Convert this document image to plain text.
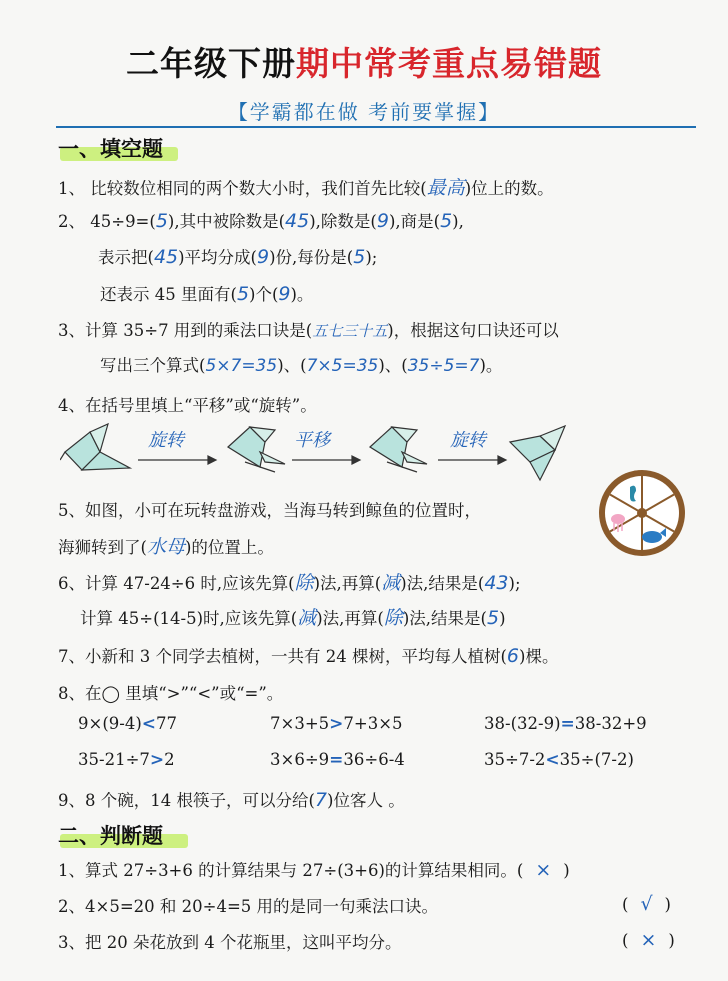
二年级下册期中常考重点易错题
【学霸都在做 考前要掌握】
一、填空题
1、 比较数位相同的两个数大小时，我们首先比较(最高)位上的数。
2、 45÷9=(5),其中被除数是(45),除数是(9),商是(5),
表示把(45)平均分成(9)份,每份是(5);
还表示 45 里面有(5)个(9)。
3、计算 35÷7 用到的乘法口诀是(五七三十五)，根据这句口诀还可以
写出三个算式(5×7=35)、(7×5=35)、(35÷5=7)。
4、在括号里填上“平移”或“旋转”。
旋转	平移	旋转
5、如图，小可在玩转盘游戏，当海马转到鲸鱼的位置时，
海狮转到了(水母)的位置上。
6、计算 47-24÷6 时,应该先算(除)法,再算(减)法,结果是(43);
计算 45÷(14-5)时,应该先算(减)法,再算(除)法,结果是(5)
7、小新和 3 个同学去植树，一共有 24 棵树，平均每人植树(6)棵。
8、在◯ 里填“>”“<”或“=”。
9×(9-4)<77	7×3+5>7+3×5	38-(32-9)=38-32+9
35-21÷7>2	3×6÷9=36÷6-4	35÷7-2<35÷(7-2)
9、8 个碗，14 根筷子，可以分给(7)位客人 。
二、判断题
1、算式 27÷3+6 的计算结果与 27÷(3+6)的计算结果相同。( × )
2、4×5=20 和 20÷4=5 用的是同一句乘法口诀。	( √ )
3、把 20 朵花放到 4 个花瓶里，这叫平均分。	( × )
